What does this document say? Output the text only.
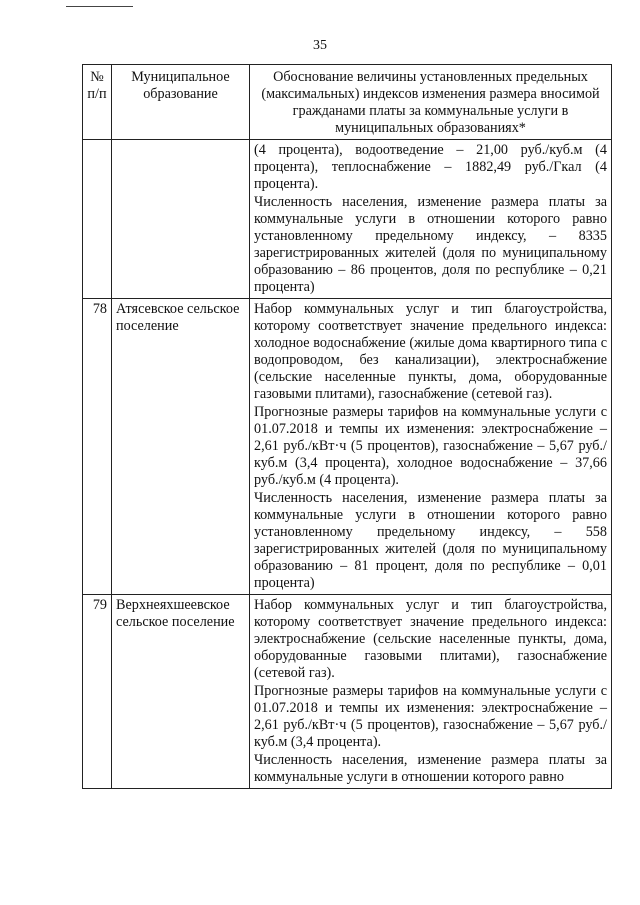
35
№ п/п	Муниципальное образование	Обоснование величины установленных предельных (максимальных) индексов изменения размера вносимой гражданами платы за коммунальные услуги в муниципальных образованиях*

		(4 процента), водоотведение – 21,00 руб./куб.м (4 процента), теплоснабжение – 1882,49 руб./Гкал (4 процента).

Численность населения, изменение размера платы за коммунальные услуги в отношении которого равно установленному предельному индексу, – 8335 зарегистрированных жителей (доля по муниципальному образованию – 86 процентов, доля по республике – 0,21 процента)

78	Атясевское сельское поселение	Набор коммунальных услуг и тип благоустройства, которому соответствует значение предельного индекса: холодное водоснабжение (жилые дома квартирного типа с водопроводом, без канализации), электроснабжение (сельские населенные пункты, дома, оборудованные газовыми плитами), газоснабжение (сетевой газ).

Прогнозные размеры тарифов на коммунальные услуги с 01.07.2018 и темпы их изменения: электроснабжение – 2,61 руб./кВт·ч (5 процентов), газоснабжение – 5,67 руб./куб.м (3,4 процента), холодное водоснабжение – 37,66 руб./куб.м (4 процента).

Численность населения, изменение размера платы за коммунальные услуги в отношении которого равно установленному предельному индексу, – 558 зарегистрированных жителей (доля по муниципальному образованию – 81 процент, доля по республике – 0,01 процента)

79	Верхнеяхшеевское сельское поселение	Набор коммунальных услуг и тип благоустройства, которому соответствует значение предельного индекса: электроснабжение (сельские населенные пункты, дома, оборудованные газовыми плитами), газоснабжение (сетевой газ).

Прогнозные размеры тарифов на коммунальные услуги с 01.07.2018 и темпы их изменения: электроснабжение – 2,61 руб./кВт·ч (5 процентов), газоснабжение – 5,67 руб./куб.м (3,4 процента).

Численность населения, изменение размера платы за коммунальные услуги в отношении которого равно
